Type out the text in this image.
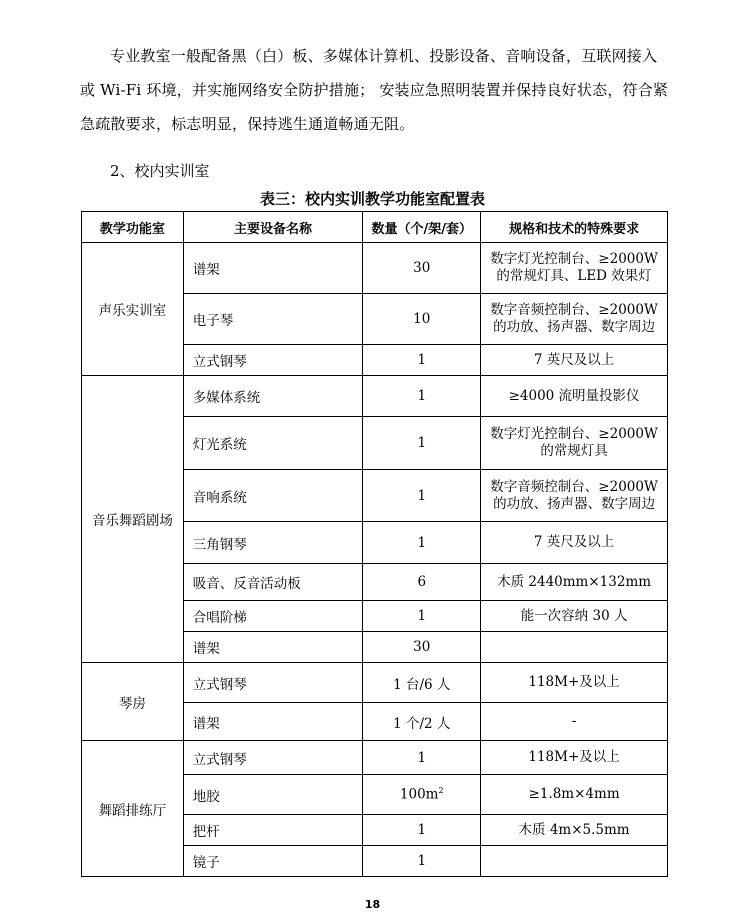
专业教室一般配备黑（白）板、多媒体计算机、投影设备、音响设备，互联网接入或 Wi-Fi 环境，并实施网络安全防护措施； 安装应急照明装置并保持良好状态，符合紧急疏散要求，标志明显，保持逃生通道畅通无阻。
2、校内实训室
表三：校内实训教学功能室配置表
教学功能室	主要设备名称	数量（个/架/套）	规格和技术的特殊要求
声乐实训室	谱架	30	数字灯光控制台、≥2000W的常规灯具、LED 效果灯
	电子琴	10	数字音频控制台、≥2000W的功放、扬声器、数字周边
	立式钢琴	1	7 英尺及以上
音乐舞蹈剧场	多媒体系统	1	≥4000 流明量投影仪
	灯光系统	1	数字灯光控制台、≥2000W的常规灯具
	音响系统	1	数字音频控制台、≥2000W的功放、扬声器、数字周边
	三角钢琴	1	7 英尺及以上
	吸音、反音活动板	6	木质 2440mm×132mm
	合唱阶梯	1	能一次容纳 30 人
	谱架	30	
琴房	立式钢琴	1 台/6 人	118M+及以上
	谱架	1 个/2 人	-
舞蹈排练厅	立式钢琴	1	118M+及以上
	地胶	$100m^2$	≥1.8m×4mm
	把杆	1	木质 4m×5.5mm
	镜子	1	
18
